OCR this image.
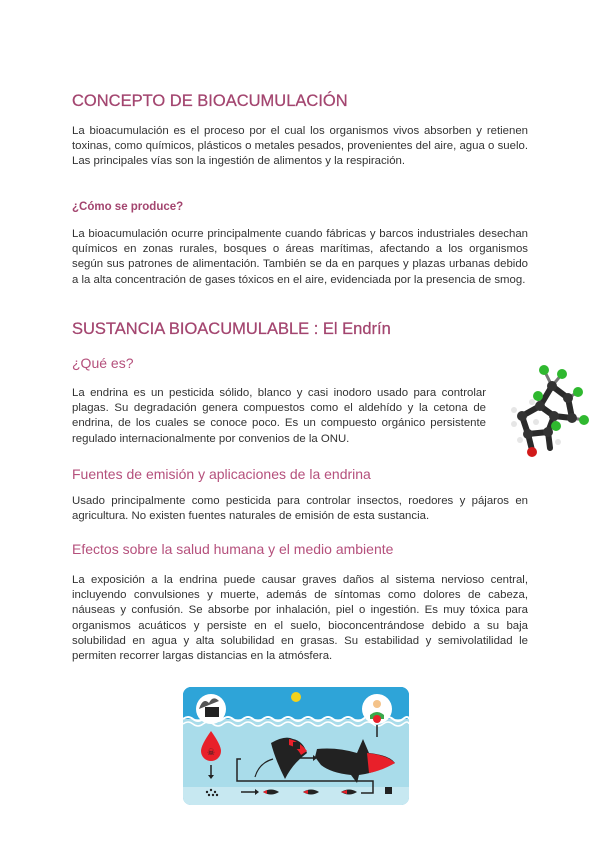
CONCEPTO DE BIOACUMULACIÓN

La bioacumulación es el proceso por el cual los organismos vivos absorben y retienen toxinas, como químicos, plásticos o metales pesados, provenientes del aire, agua o suelo. Las principales vías son la ingestión de alimentos y la respiración.

¿Cómo se produce?

La bioacumulación ocurre principalmente cuando fábricas y barcos industriales desechan químicos en zonas rurales, bosques o áreas marítimas, afectando a los organismos según sus patrones de alimentación. También se da en parques y plazas urbanas debido a la alta concentración de gases tóxicos en el aire, evidenciada por la presencia de smog.

SUSTANCIA BIOACUMULABLE : El Endrín
¿Qué es?

La endrina es un pesticida sólido, blanco y casi inodoro usado para controlar plagas. Su degradación genera compuestos como el aldehído y la cetona de endrina, de los cuales se conoce poco. Es un compuesto orgánico persistente regulado internacionalmente por convenios de la ONU.

Fuentes de emisión y aplicaciones de la endrina

Usado principalmente como pesticida para controlar insectos, roedores y pájaros en agricultura. No existen fuentes naturales de emisión de esta sustancia.

Efectos sobre la salud humana y el medio ambiente

La exposición a la endrina puede causar graves daños al sistema nervioso central, incluyendo convulsiones y muerte, además de síntomas como dolores de cabeza, náuseas y confusión. Se absorbe por inhalación, piel o ingestión. Es muy tóxica para organismos acuáticos y persiste en el suelo, bioconcentrándose debido a su baja solubilidad en agua y alta solubilidad en grasas. Su estabilidad y semivolatilidad le permiten recorrer largas distancias en la atmósfera.

☠
